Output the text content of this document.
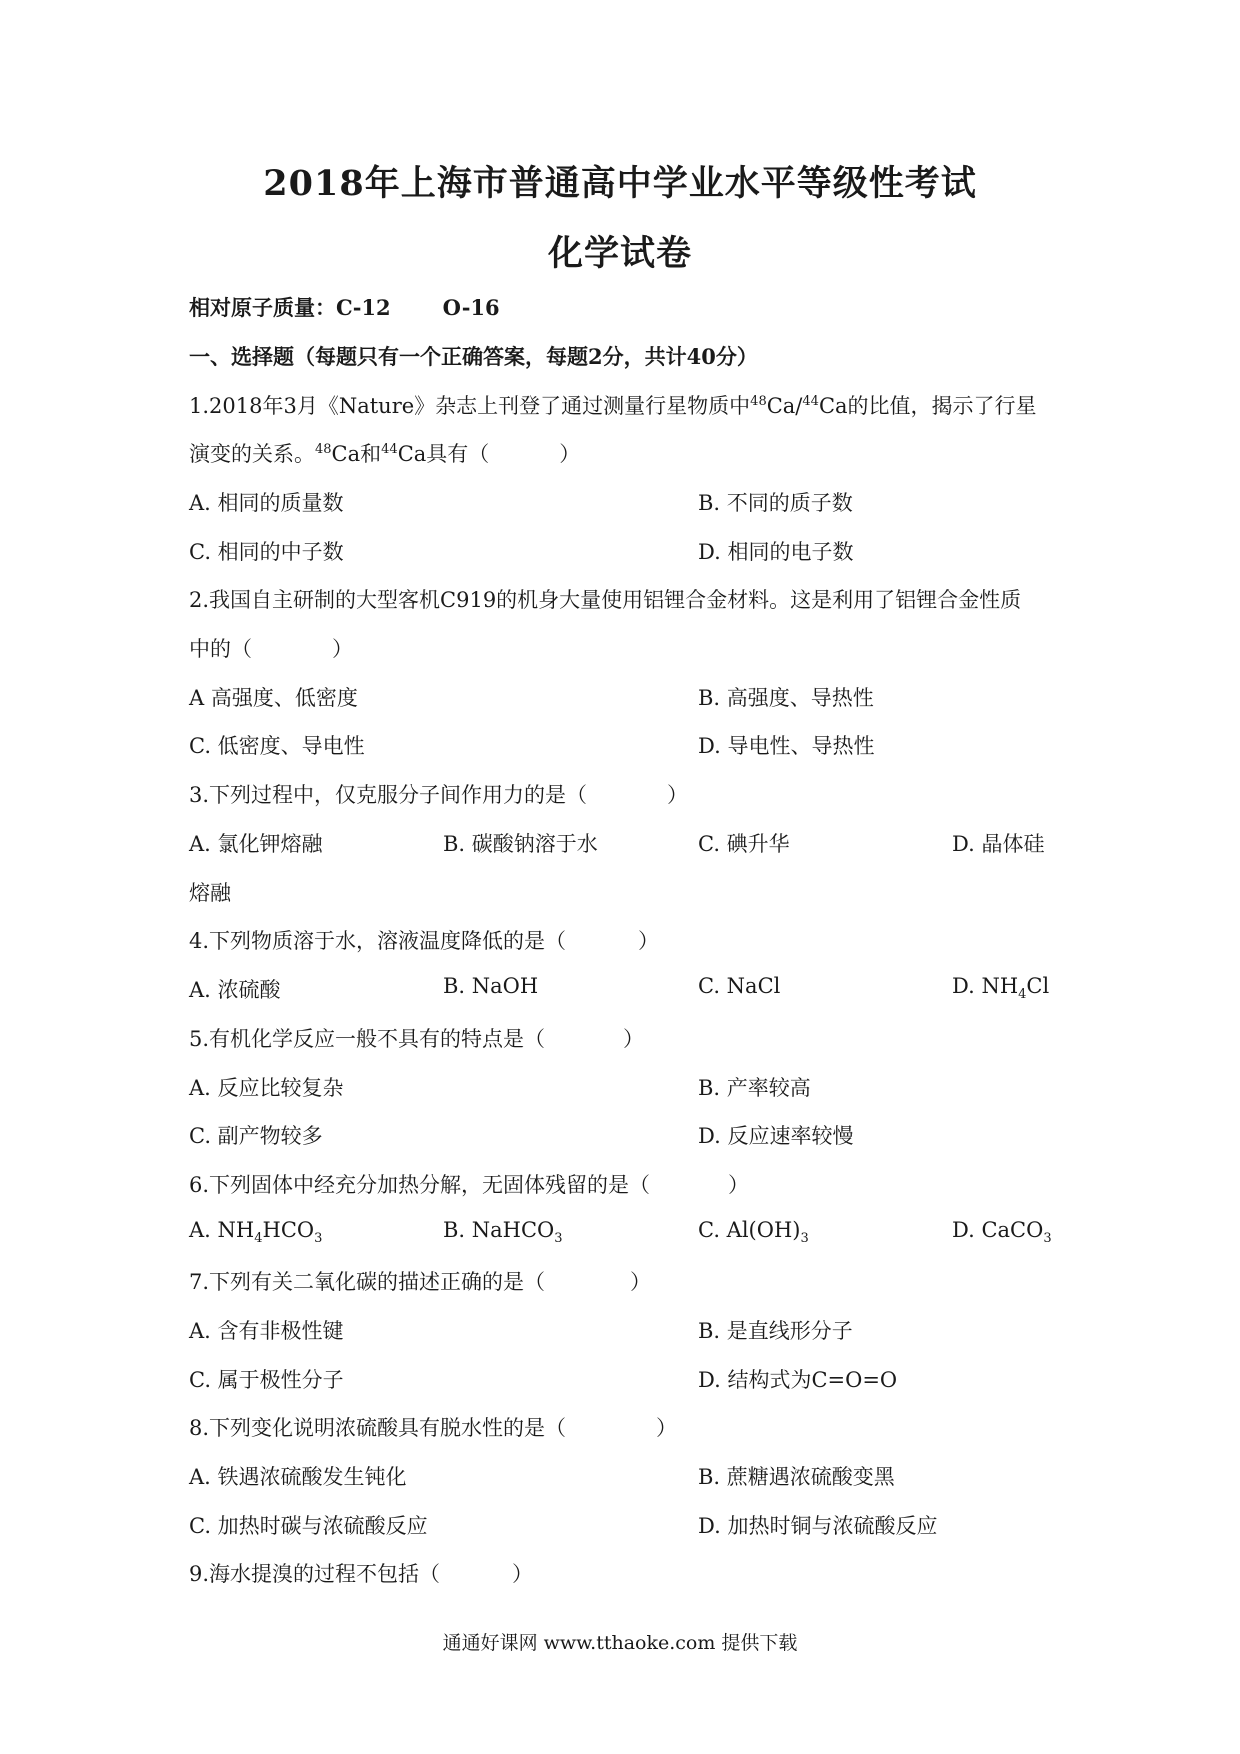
2018年上海市普通高中学业水平等级性考试
化学试卷
相对原子质量：C-12 O-16
一、选择题（每题只有一个正确答案，每题2分，共计40分）
1.2018年3月《Nature》杂志上刊登了通过测量行星物质中$^{48}$Ca/$^{44}$Ca的比值，揭示了行星
演变的关系。$^{48}$Ca和$^{44}$Ca具有（	）
A. 相同的质量数	B. 不同的质子数
C. 相同的中子数	D. 相同的电子数
2.我国自主研制的大型客机C919的机身大量使用铝锂合金材料。这是利用了铝锂合金性质
中的（	）
A 高强度、低密度	B. 高强度、导热性
C. 低密度、导电性	D. 导电性、导热性
3.下列过程中，仅克服分子间作用力的是（	）
A. 氯化钾熔融	B. 碳酸钠溶于水	C. 碘升华	D. 晶体硅
熔融
4.下列物质溶于水，溶液温度降低的是（	）
A. 浓硫酸	B. NaOH	C. NaCl	D. $NH_4Cl$
5.有机化学反应一般不具有的特点是（	）
A. 反应比较复杂	B. 产率较高
C. 副产物较多	D. 反应速率较慢
6.下列固体中经充分加热分解，无固体残留的是（	）
A. $NH_4HCO_3$	B. NaHCO$_3$	C. $Al(OH)_3$	D. CaCO$_3$
7.下列有关二氧化碳的描述正确的是（	）
A. 含有非极性键	B. 是直线形分子
C. 属于极性分子	D. 结构式为C=O=O
8.下列变化说明浓硫酸具有脱水性的是（	）
A. 铁遇浓硫酸发生钝化	B. 蔗糖遇浓硫酸变黑
C. 加热时碳与浓硫酸反应	D. 加热时铜与浓硫酸反应
9.海水提溴的过程不包括（	）
通通好课网 www.tthaoke.com 提供下载
